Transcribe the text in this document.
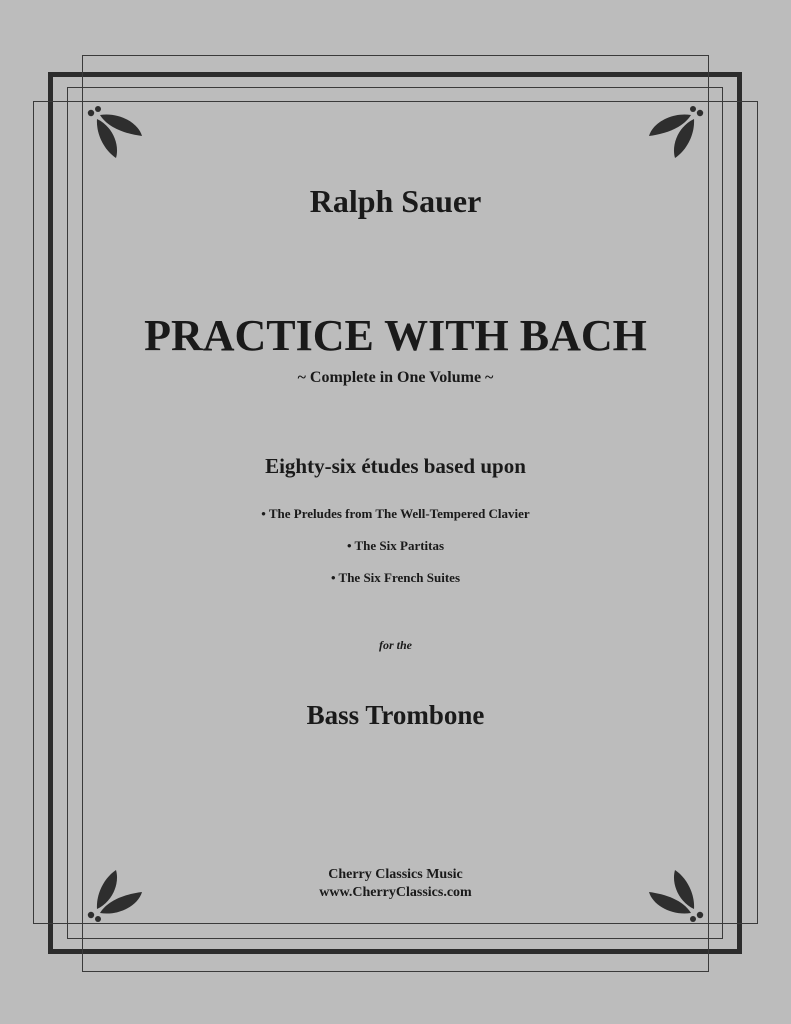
Ralph Sauer
PRACTICE WITH BACH
~ Complete in One Volume ~
Eighty-six études based upon
• The Preludes from The Well-Tempered Clavier
• The Six Partitas
• The Six French Suites
for the
Bass Trombone
Cherry Classics Music
www.CherryClassics.com
